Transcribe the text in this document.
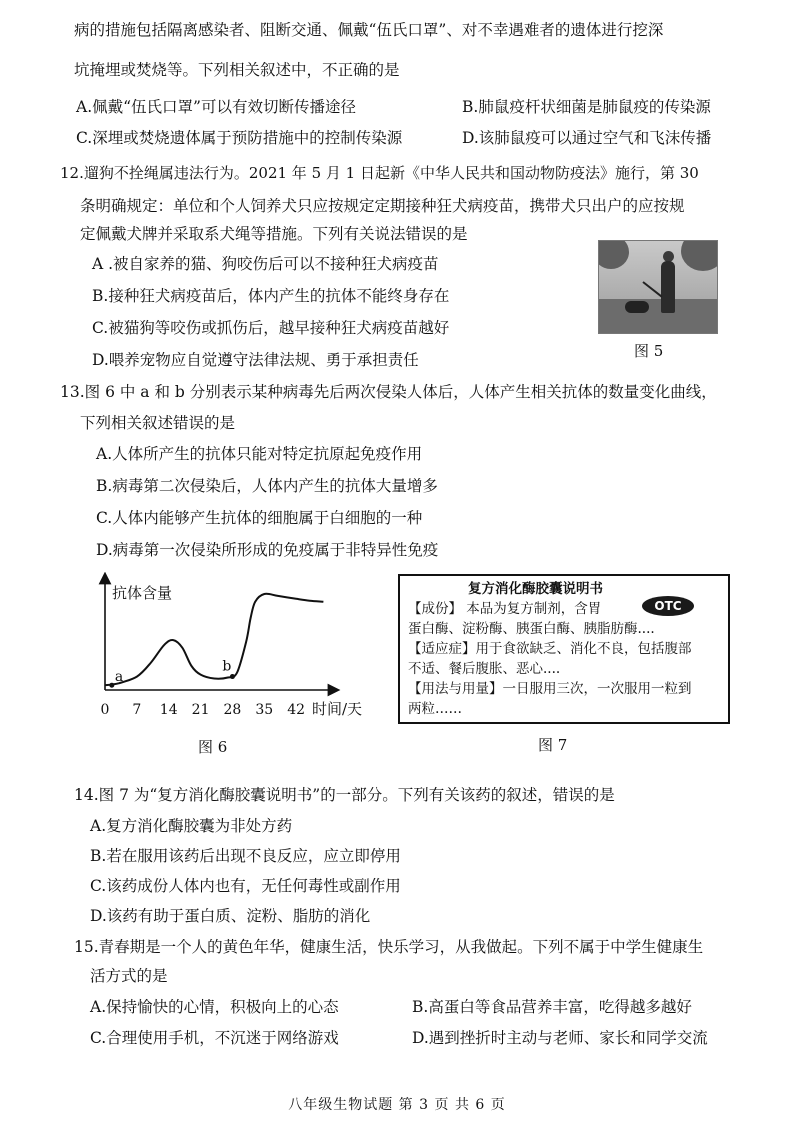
病的措施包括隔离感染者、阻断交通、佩戴“伍氏口罩”、对不幸遇难者的遗体进行挖深
坑掩埋或焚烧等。下列相关叙述中，不正确的是
A.佩戴“伍氏口罩”可以有效切断传播途径	B.肺鼠疫杆状细菌是肺鼠疫的传染源
C.深埋或焚烧遗体属于预防措施中的控制传染源	D.该肺鼠疫可以通过空气和飞沫传播
12.遛狗不拴绳属违法行为。2021 年 5 月 1 日起新《中华人民共和国动物防疫法》施行，第 30
条明确规定：单位和个人饲养犬只应按规定定期接种狂犬病疫苗，携带犬只出户的应按规
定佩戴犬牌并采取系犬绳等措施。下列有关说法错误的是
A .被自家养的猫、狗咬伤后可以不接种狂犬病疫苗
B.接种狂犬病疫苗后，体内产生的抗体不能终身存在
C.被猫狗等咬伤或抓伤后，越早接种狂犬病疫苗越好
D.喂养宠物应自觉遵守法律法规、勇于承担责任	图 5
13.图 6 中 a 和 b 分别表示某种病毒先后两次侵染人体后，人体产生相关抗体的数量变化曲线，
下列相关叙述错误的是
A.人体所产生的抗体只能对特定抗原起免疫作用
B.病毒第二次侵染后，人体内产生的抗体大量增多
C.人体内能够产生抗体的细胞属于白细胞的一种
D.病毒第一次侵染所形成的免疫属于非特异性免疫
抗体含量
0 7 14 21 28 35 42
a
b
时间/天
图 6
复方消化酶胶囊说明书
OTC
【成份】 本品为复方制剂，含胃
蛋白酶、淀粉酶、胰蛋白酶、胰脂肪酶....
【适应症】用于食欲缺乏、消化不良，包括腹部
不适、餐后腹胀、恶心....
【用法与用量】一日服用三次，一次服用一粒到
两粒……
图 7
14.图 7 为“复方消化酶胶囊说明书”的一部分。下列有关该药的叙述，错误的是
A.复方消化酶胶囊为非处方药
B.若在服用该药后出现不良反应，应立即停用
C.该药成份人体内也有，无任何毒性或副作用
D.该药有助于蛋白质、淀粉、脂肪的消化
15.青春期是一个人的黄色年华，健康生活，快乐学习，从我做起。下列不属于中学生健康生
活方式的是
A.保持愉快的心情，积极向上的心态	B.高蛋白等食品营养丰富，吃得越多越好
C.合理使用手机，不沉迷于网络游戏	D.遇到挫折时主动与老师、家长和同学交流
八年级生物试题 第 3 页 共 6 页
